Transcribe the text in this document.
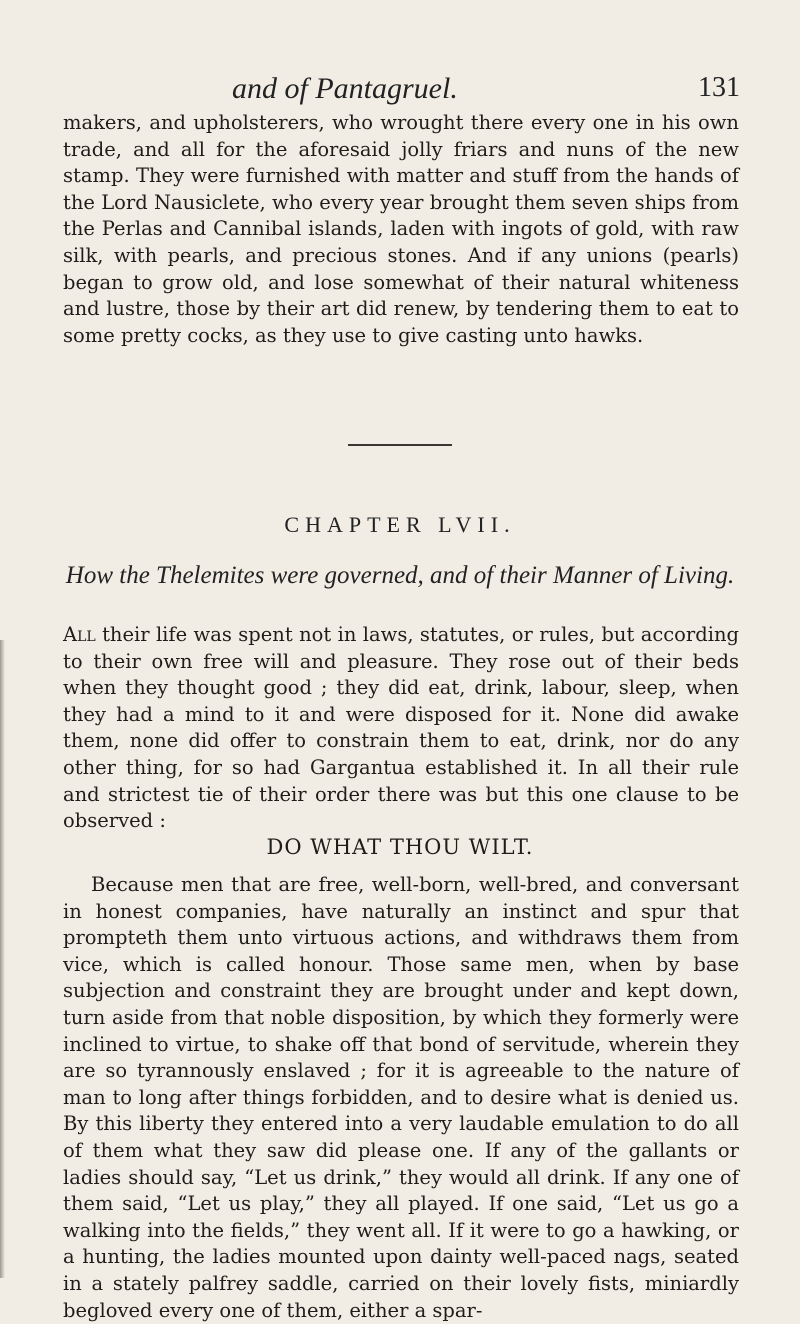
and of Pantagruel.	131

makers, and upholsterers, who wrought there every one in his own trade, and all for the aforesaid jolly friars and nuns of the new stamp. They were furnished with matter and stuff from the hands of the Lord Nausiclete, who every year brought them seven ships from the Perlas and Cannibal islands, laden with ingots of gold, with raw silk, with pearls, and precious stones. And if any unions (pearls) began to grow old, and lose somewhat of their natural whiteness and lustre, those by their art did renew, by tendering them to eat to some pretty cocks, as they use to give casting unto hawks.

CHAPTER LVII.
How the Thelemites were governed, and of their Manner of Living.

All their life was spent not in laws, statutes, or rules, but according to their own free will and pleasure. They rose out of their beds when they thought good ; they did eat, drink, labour, sleep, when they had a mind to it and were disposed for it. None did awake them, none did offer to constrain them to eat, drink, nor do any other thing, for so had Gargantua established it. In all their rule and strictest tie of their order there was but this one clause to be observed :

DO WHAT THOU WILT.

Because men that are free, well-born, well-bred, and conversant in honest companies, have naturally an instinct and spur that prompteth them unto virtuous actions, and withdraws them from vice, which is called honour. Those same men, when by base subjection and constraint they are brought under and kept down, turn aside from that noble disposition, by which they formerly were inclined to virtue, to shake off that bond of servitude, wherein they are so tyrannously enslaved ; for it is agreeable to the nature of man to long after things forbidden, and to desire what is denied us. By this liberty they entered into a very laudable emulation to do all of them what they saw did please one. If any of the gallants or ladies should say, “Let us drink,” they would all drink. If any one of them said, “Let us play,” they all played. If one said, “Let us go a walking into the fields,” they went all. If it were to go a hawking, or a hunting, the ladies mounted upon dainty well-paced nags, seated in a stately palfrey saddle, carried on their lovely fists, miniardly begloved every one of them, either a spar-
